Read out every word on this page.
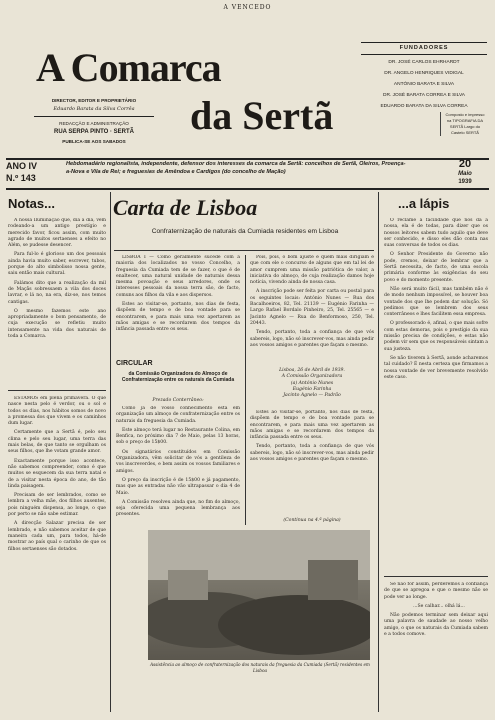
A VENCEDO
A Comarca
da Sertã
FUNDADORES
DR. JOSÉ CARLOS EHRHARDT
DR. ANGELO HENRIQUES VIDIGAL
ANTÓNIO BARATA E SILVA
DR. JOSÉ BARATA CORREA E SILVA
EDUARDO BARATA DA SILVA CORREA
DIRECTOR, EDITOR E PROPRIETÁRIO
Eduardo Barata da Silva Corrêa
REDACÇÃO E ADMINISTRAÇÃO
RUA SERPA PINTO · SERTÃ
PUBLICA-SE AOS SABADOS
Composto e impresso na TIPOGRAFIA DA SERTÃ Largo do Castelo SERTÃ
ANO IV
N.º 143
Hebdomadário regionalista, independente, defensor dos interesses da comarca da Sertã: concelhos de Sertã, Oleiros, Proença-a-Nova e Vila de Rei; e freguesias de Amêndoa e Cardigos (do concelho de Mação)
20
Maio
1939
Notas...

A nossa Iluminação que, dia a dia, vem rodeando-a um antigo prestígio e merecido favor, ficou assim, com muito agrado de muitos sertaenses a efeito no Além, se pudesse desencer.

Para ful-lo é glorioso um dos pessoais ainda havia muito saber, escrever, tubos, porque do alto simbolisso nossa gente, saiu então mais cultural.

Falámos dito que a realização da mil de Maçãs sobressaem a vila dos doces lavrar, e lá no, na era, diz-se, nos temos cantigas.

O mesmo fazemos este ano apropriadamente o bom pensamento, de cuja execução se refletiu muito intensamente na vida dos naturais de toda a Comarca.

ESTAMOS em plena primavera. O que nasce nesta pelo é verdor, ou o sol e todos os dias, nos hábitos somos de novo a promessa dos que vivem e os caminhos dum lugar.

Certamente que a Sertã é, pelo seu clima e pelo seu lugar, uma terra das mais belas, de que tanto se orgulham os seus filhos, que lhe votam grande amor.

Exactamente porque isso acontece, não sabemos compreender, como é que muitos se esquecem da sua terra natal e de a visitar nesta época do ano, de tão linda paisagem.

Precisam de ser lembrados, como se lembra a velha mãe, dos filhos ausentes, pois ninguém dispensa, ao longe, o que por perto se não sabe estimar.

A direcção Salazar precisa de ser lembrado, e não sabemos aceitar de que maneira cada um, para todos, há-de mostrar ao país qual o carinho de que os filhos sertaenses são dotados.

Carta de Lisboa
Confraternização de naturais da Cumiada residentes em Lisboa

LISBOA I — Como geralmente sucede com a maioria dos localizados no vosso Concelho, a freguesia da Cumiada tem de se fazer, o que é de enaltecer, uma natural unidade de naturais dessa mesma povoação e seus arredores, onde os interesses pessoais da nossa terra são, de facto, comuns aos filhos da vila e aos dispersos.

Estes ao visitar-se, portanto, nos dias de festa, dispõem de tempo e de boa vontade para se encontrarem, e para mais uma vez apertarem as mãos amigas e se recordarem dos tempos da infância passada entre os seus.

Pois, pois, o bom ajuste e quem mais dirigiam e que com ele o concurso de alguns que em tal lei de amor cumprem uma missão patriótica de valor, a iniciativa do almoço, de cuja realização damos hoje notícia, vivendo ainda de nossa casa.

A inscrição pode ser feita por carta ou postal para os seguintes locais: António Nunes — Rua dos Bacalhoeiros, 82, Tel. 21139 — Eugénio Farinha — Largo Rafael Bordalo Pinheiro, 25, Tel. 25565 — e Jacinto Agnelo — Rua do Benformoso, 250, Tel. 20443.

Tendo, portanto, toda a confiança de que vós sabereis, logo, não só inscrever-vos, mas ainda pedir aos vossos amigos e parentes que façam o mesmo.

CIRCULAR
da Comissão Organizadora do Almoço de Confraternização entre os naturais da Cumiada
Prezado Conterrâneo:

Como já de vosso conhecimento está em organização um almoço de confraternização entre os naturais da freguesia da Cumiada.

Este almoço terá lugar no Restaurante Colina, em Benfica, no próximo dia 7 de Maio, pelas 13 horas, sob o preço de 15$00.

Os signatários constituídos em Comissão Organizadora, vêm solicitar de vós a gentileza de vos inscreverdes, e bem assim os vossos familiares e amigos.

O preço da inscrição é de 15$00 e já pagamento, mas que as entradas não vão ultrapassar o dia 4 de Maio.

A Comissão resolveu ainda que, no fim do almoço, seja oferecida uma pequena lembrança aos presentes.

Lisboa, 26 de Abril de 1939.
A Comissão Organizadora
(a) António Nunes
Eugénio Farinha
Jacinto Agnelo — Padrão

Estes ao visitar-se, portanto, nos dias de festa, dispõem de tempo e de boa vontade para se encontrarem, e para mais uma vez apertarem as mãos amigas e se recordarem dos tempos da infância passada entre os seus.

Tendo, portanto, toda a confiança de que vós sabereis, logo, não só inscrever-vos, mas ainda pedir aos vossos amigos e parentes que façam o mesmo.

(Continua na 4.ª página)
Assistência ao almoço de confraternização dos naturais da freguesia da Cumiada (Sertã) residentes em Lisboa
...a lápis

O reclame a facilidade que nos dá a nossa, ela é de todas, para dizer que os nossos leitores sabem tudo aquilo que deve ser conhecido, e disso eles dão conta nas suas conversas de todos os dias.

O Senhor Presidente do Governo não pode, cremos, deixar de lembrar que a Sertã necessita, de facto, de uma escola primária conforme às exigências do seu povo e do momento presente.

Não será muito fácil, mas também não é de modo nenhum impossível, se houver boa vontade dos que lhe podem dar solução. Só pedimos que se lembrem dos seus conterrâneos e lhes facilitem essa empresa.

O professorado é, afinal, o que mais sofre com estas demoras, pois o prestígio da sua missão precisa de condições, e estas não podem vir sem que os responsáveis sintam a sua justeza.

Se não tiverem à Sertã, aonde acharemos tal cuidado? É nesta certeza que firmamos a nossa vontade de ver brevemente resolvido este caso.

Se não for assim, perderemos a confiança de que se apregoa e que o mesmo não se pode ver ao longe.

...Se calhar... olhá lá...

Não podemos terminar sem deixar aqui uma palavra de saudade ao nosso velho amigo, o que os naturais da Cumiada sabem e a todos comove.
